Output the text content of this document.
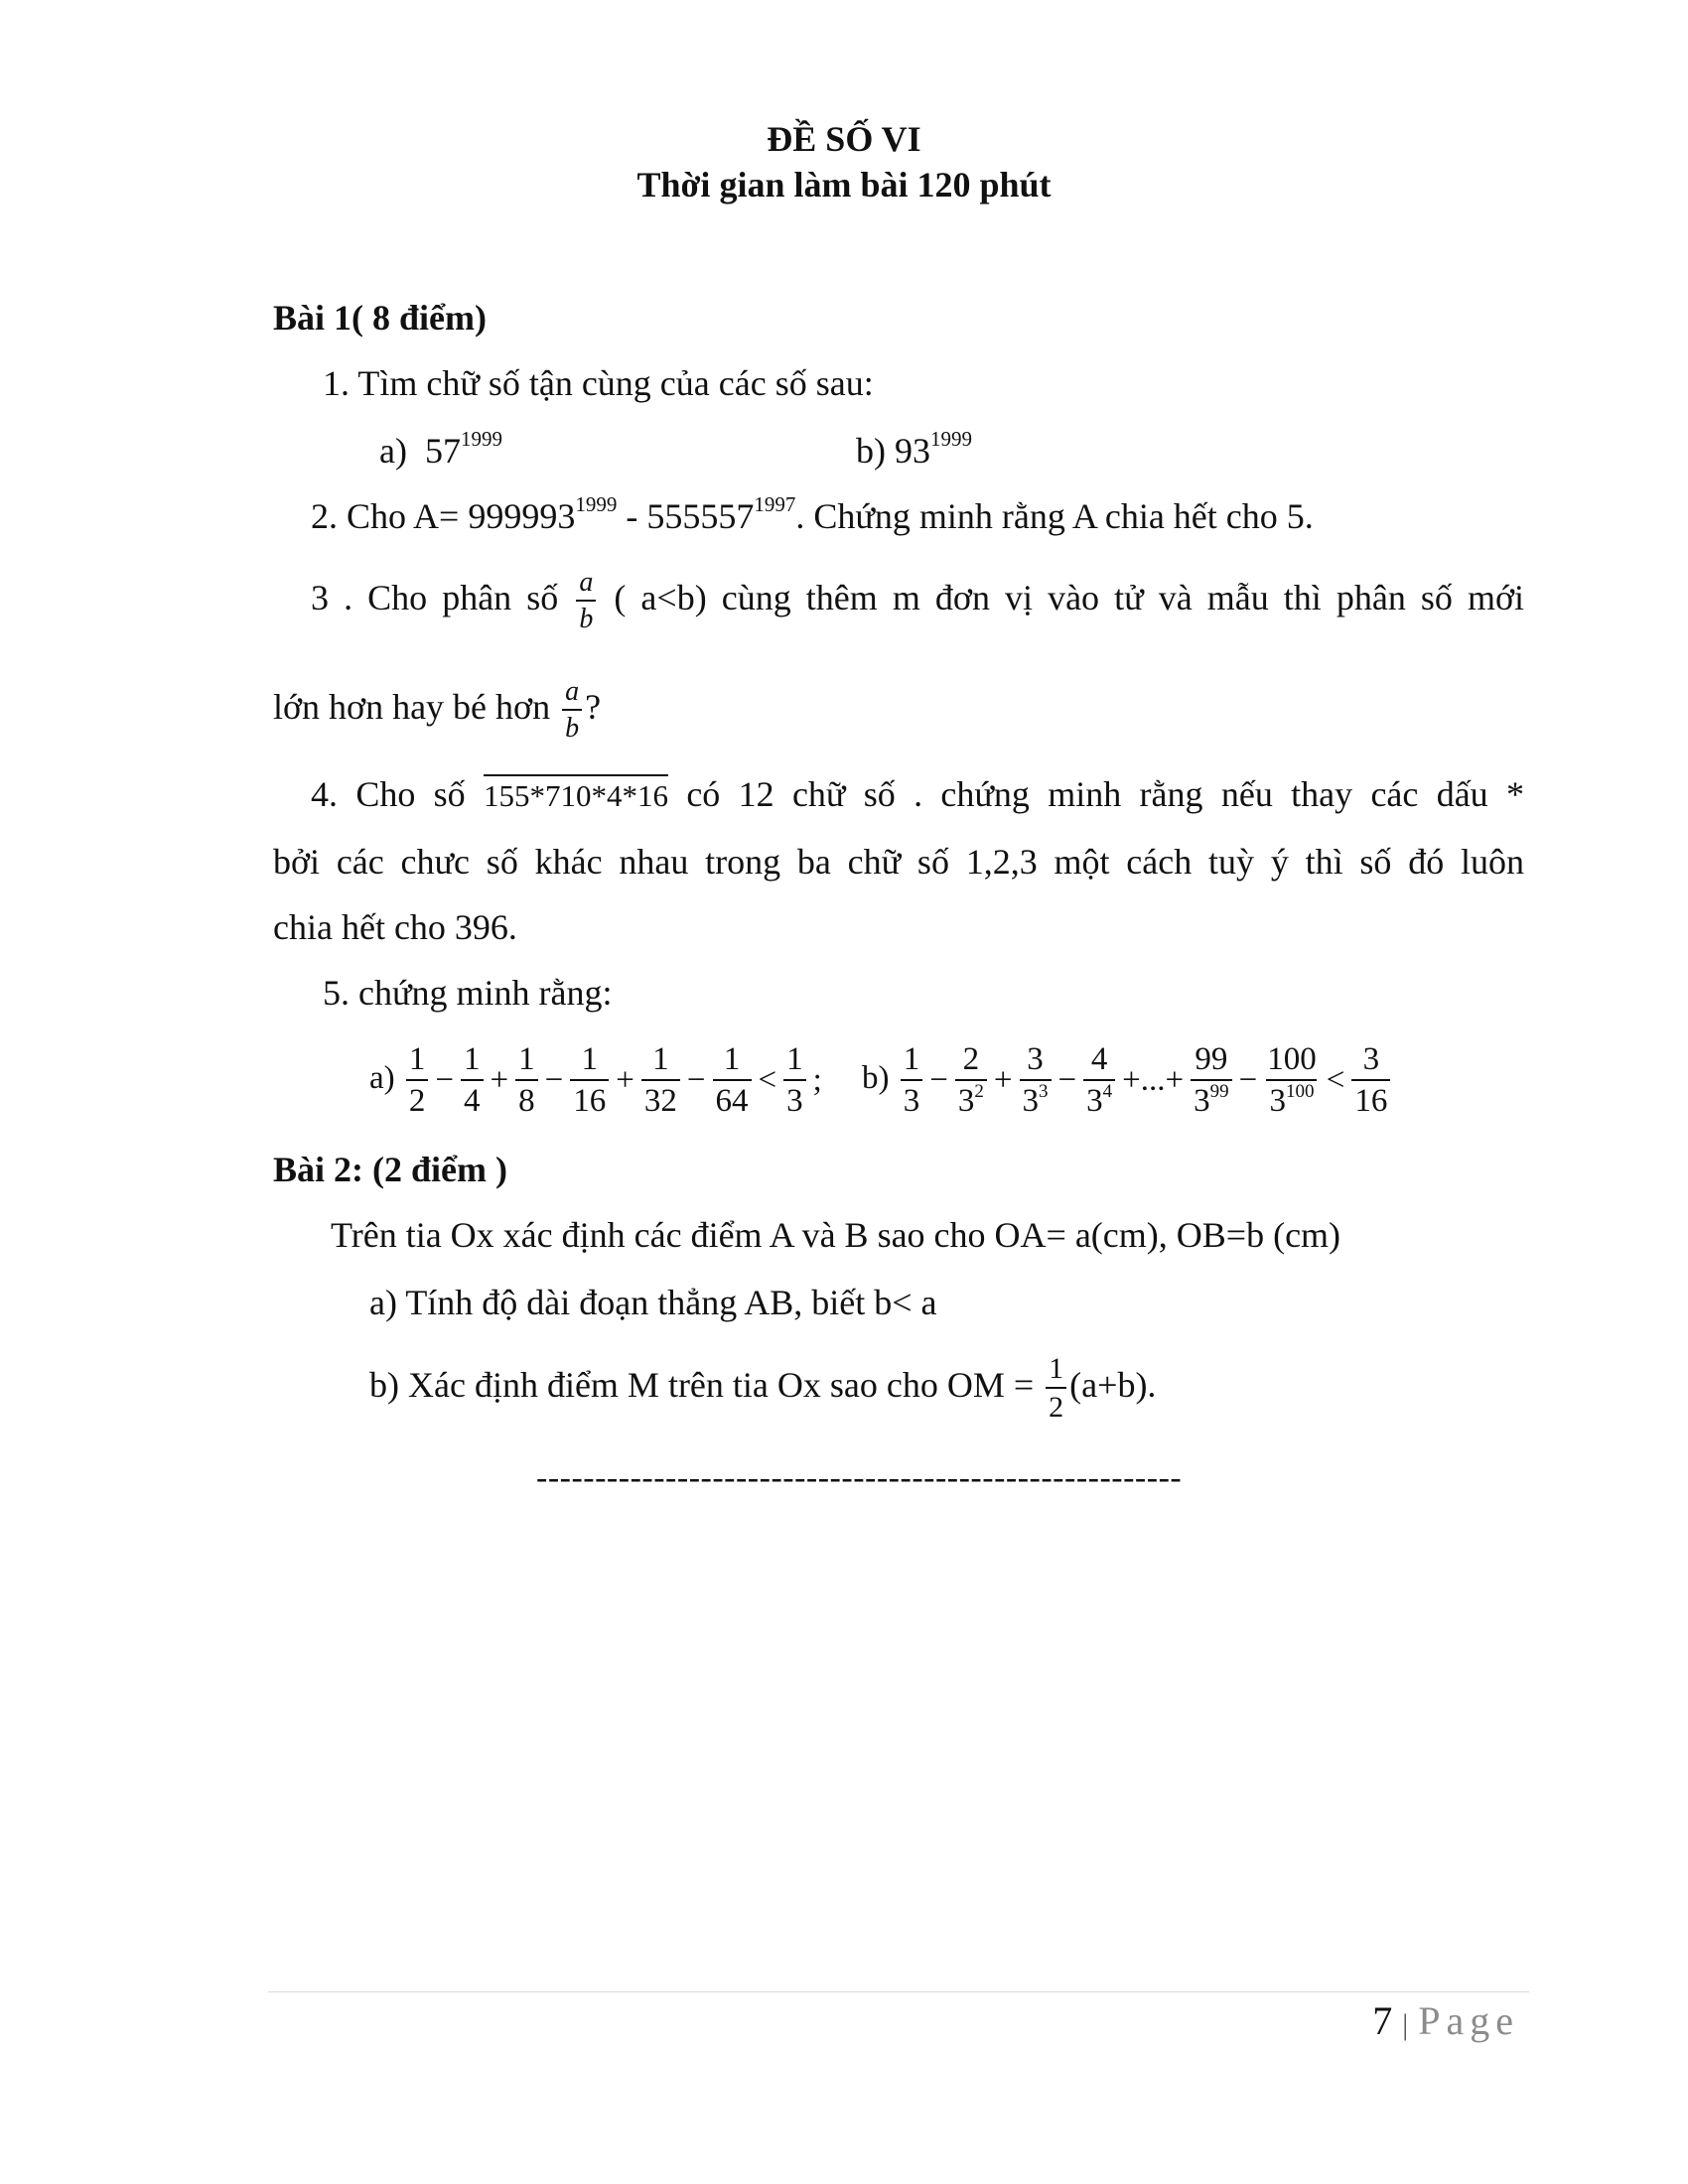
ĐỀ SỐ VI
Thời gian làm bài 120 phút
Bài 1( 8 điểm)
1. Tìm chữ số tận cùng của các số sau:
a) $57^{1999}$	b) $93^{1999}$
2. Cho $A= 999993^{1999} - 555557^{1997}$. Chứng minh rằng A chia hết cho 5.
3 . Cho phân số $\frac{a}{b}$ ( a<b) cùng thêm m đơn vị vào tử và mẫu thì phân số mới
lớn hơn hay bé hơn $\frac{a}{b}$ ?
4. Cho số 155*710*4*16 có 12 chữ số . chứng minh rằng nếu thay các dấu *
bởi các chưc số khác nhau trong ba chữ số 1,2,3 một cách tuỳ ý thì số đó luôn
chia hết cho 396.
5. chứng minh rằng:
$a) \frac{1}{2} - \frac{1}{4} + \frac{1}{8} - \frac{1}{16} + \frac{1}{32} - \frac{1}{64} < \frac{1}{3}$ ; $b) \frac{1}{3} - \frac{2}{3^2} + \frac{3}{3^3} - \frac{4}{3^4}$ +...+ $\frac{99}{3^{99}} - \frac{100}{3^{100}} < \frac{3}{16}$
Bài 2: (2 điểm )
Trên tia Ox xác định các điểm A và B sao cho OA= a(cm), OB=b (cm)
a) Tính độ dài đoạn thẳng AB, biết b< a
b) Xác định điểm M trên tia Ox sao cho OM = $\frac{1}{2} (a+b)$.
-------------------------------------------------------
7 | Page
